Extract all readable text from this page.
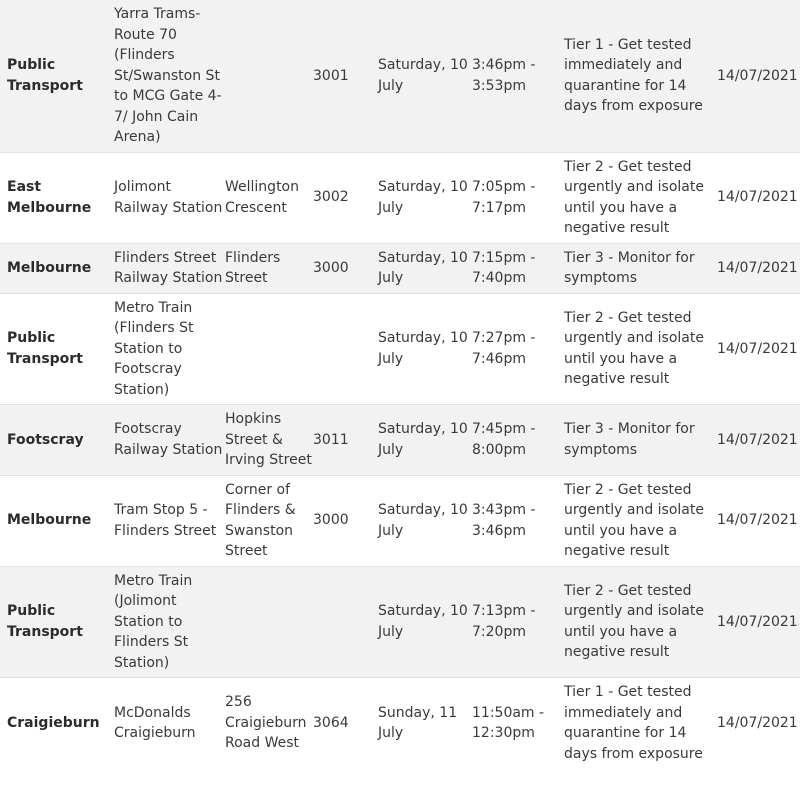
Public Transport	Yarra Trams- Route 70 (Flinders St/Swanston St to MCG Gate 4-7/ John Cain Arena)		3001	Saturday, 10 July	3:46pm - 3:53pm	Tier 1 - Get tested immediately and quarantine for 14 days from exposure	14/07/2021
East Melbourne	Jolimont Railway Station	Wellington Crescent	3002	Saturday, 10 July	7:05pm - 7:17pm	Tier 2 - Get tested urgently and isolate until you have a negative result	14/07/2021
Melbourne	Flinders Street Railway Station	Flinders Street	3000	Saturday, 10 July	7:15pm - 7:40pm	Tier 3 - Monitor for symptoms	14/07/2021
Public Transport	Metro Train (Flinders St Station to Footscray Station)			Saturday, 10 July	7:27pm - 7:46pm	Tier 2 - Get tested urgently and isolate until you have a negative result	14/07/2021
Footscray	Footscray Railway Station	Hopkins Street & Irving Street	3011	Saturday, 10 July	7:45pm - 8:00pm	Tier 3 - Monitor for symptoms	14/07/2021
Melbourne	Tram Stop 5 - Flinders Street	Corner of Flinders & Swanston Street	3000	Saturday, 10 July	3:43pm - 3:46pm	Tier 2 - Get tested urgently and isolate until you have a negative result	14/07/2021
Public Transport	Metro Train (Jolimont Station to Flinders St Station)			Saturday, 10 July	7:13pm - 7:20pm	Tier 2 - Get tested urgently and isolate until you have a negative result	14/07/2021
Craigieburn	McDonalds Craigieburn	256 Craigieburn Road West	3064	Sunday, 11 July	11:50am - 12:30pm	Tier 1 - Get tested immediately and quarantine for 14 days from exposure	14/07/2021
